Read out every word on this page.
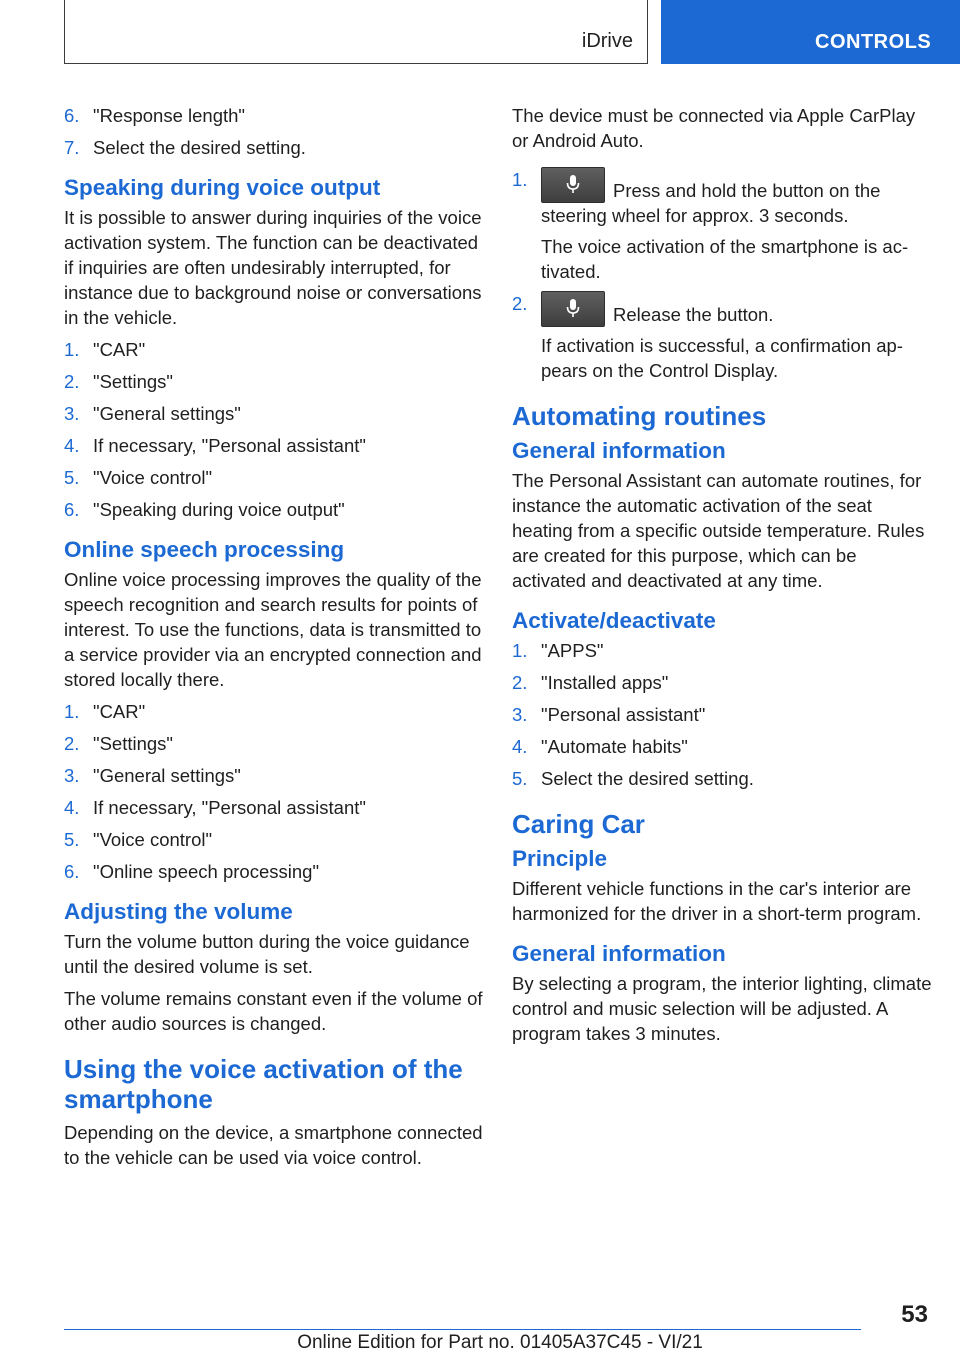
iDrive	CONTROLS
6. "Response length"
7. Select the desired setting.
Speaking during voice output

It is possible to answer during inquiries of the voice activation system. The function can be deactivated if inquiries are often undesirably interrupted, for instance due to background noise or conversations in the vehicle.

1. "CAR"
2. "Settings"
3. "General settings"
4. If necessary, "Personal assistant"
5. "Voice control"
6. "Speaking during voice output"
Online speech processing

Online voice processing improves the quality of the speech recognition and search results for points of interest. To use the functions, data is transmitted to a service provider via an encrypted connection and stored locally there.

1. "CAR"
2. "Settings"
3. "General settings"
4. If necessary, "Personal assistant"
5. "Voice control"
6. "Online speech processing"
Adjusting the volume

Turn the volume button during the voice guidance until the desired volume is set.

The volume remains constant even if the volume of other audio sources is changed.

Using the voice activation of the smartphone

Depending on the device, a smartphone connected to the vehicle can be used via voice control.

The device must be connected via Apple CarPlay or Android Auto.

1.
Press and hold the button on the steering wheel for approx. 3 seconds.
The voice activation of the smartphone is activated.
2.
Release the button.
If activation is successful, a confirmation appears on the Control Display.
Automating routines
General information

The Personal Assistant can automate routines, for instance the automatic activation of the seat heating from a specific outside temperature. Rules are created for this purpose, which can be activated and deactivated at any time.

Activate/deactivate
1. "APPS"
2. "Installed apps"
3. "Personal assistant"
4. "Automate habits"
5. Select the desired setting.
Caring Car
Principle

Different vehicle functions in the car's interior are harmonized for the driver in a short-term program.

General information

By selecting a program, the interior lighting, climate control and music selection will be adjusted. A program takes 3 minutes.

53
Online Edition for Part no. 01405A37C45 - VI/21
